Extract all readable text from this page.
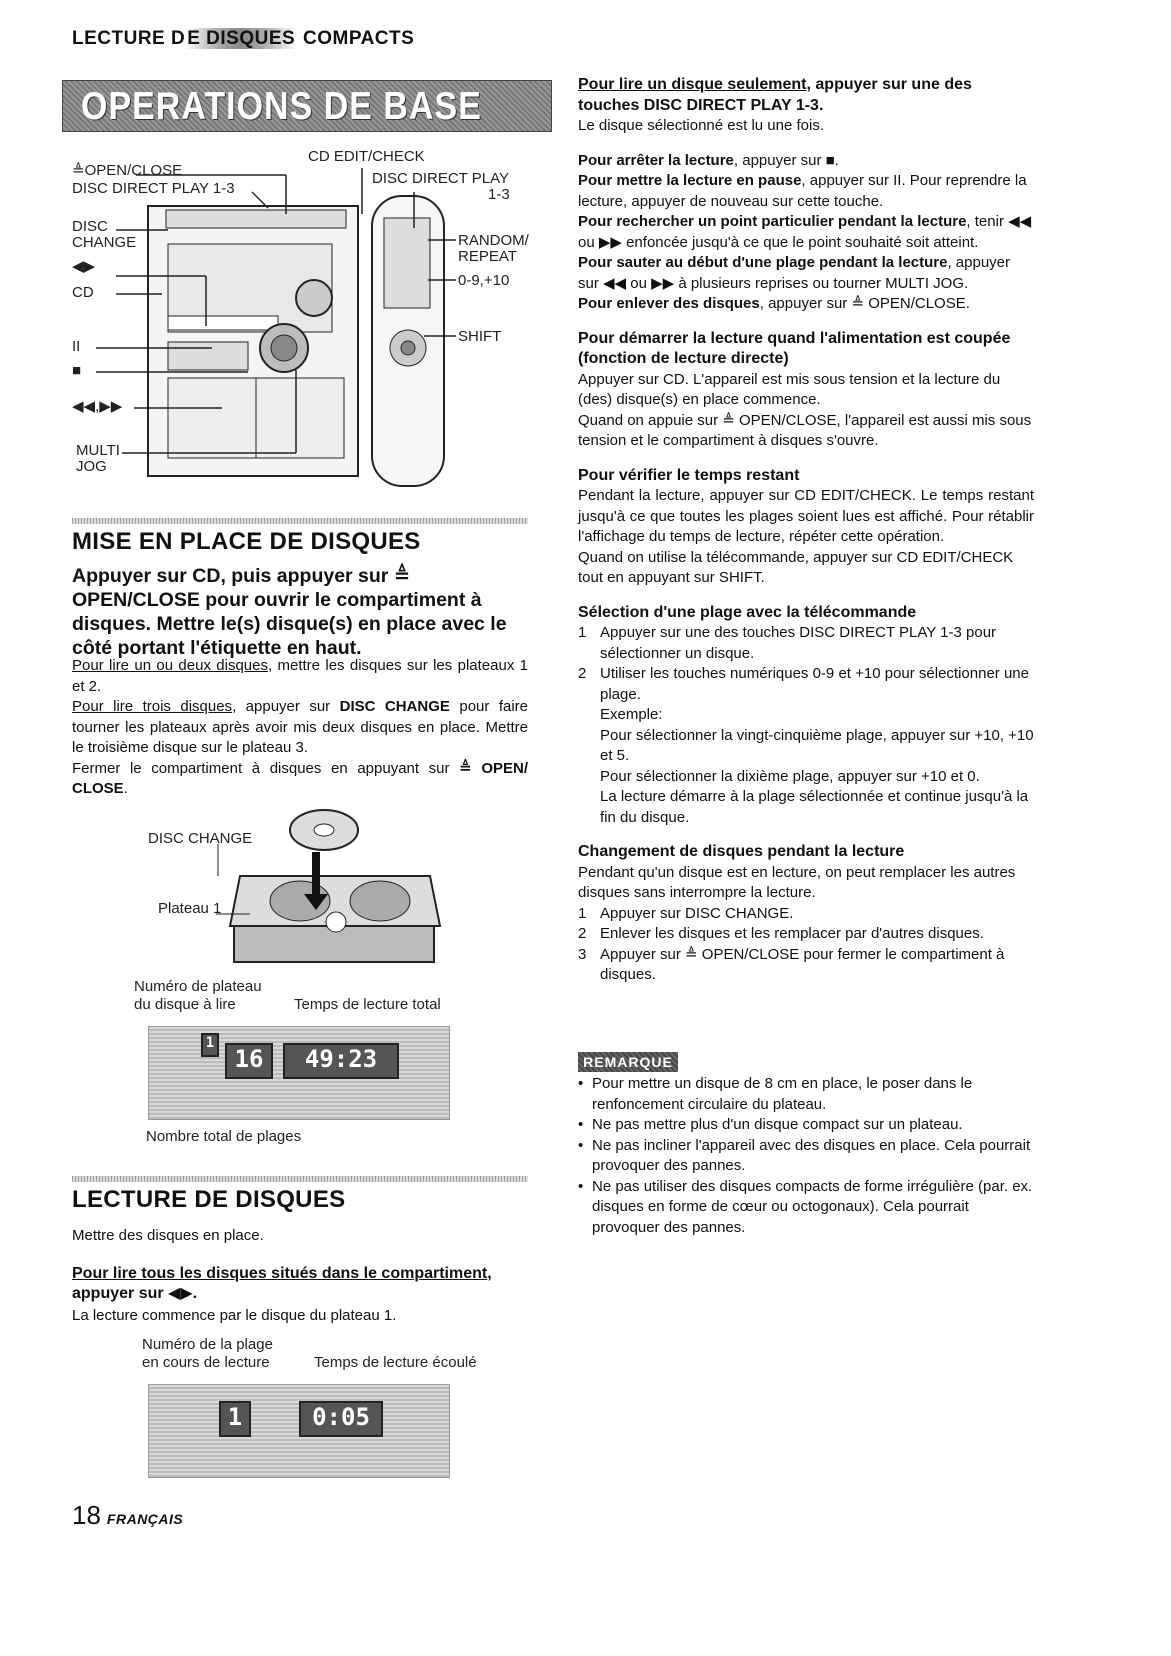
LECTURE D E DISQUES COMPACTS
OPERATIONS DE BASE
≜OPEN/CLOSE
DISC DIRECT PLAY 1-3
DISC
CHANGE
◀▶
CD
II
■
◀◀,▶▶
MULTI
JOG
CD EDIT/CHECK
DISC DIRECT PLAY
1-3
RANDOM/
REPEAT
0-9,+10
SHIFT
MISE EN PLACE DE DISQUES
Appuyer sur CD, puis appuyer sur ≜ OPEN/CLOSE pour ouvrir le compartiment à disques. Mettre le(s) disque(s) en place avec le côté portant l'étiquette en haut.
Pour lire un ou deux disques, mettre les disques sur les plateaux 1 et 2.
Pour lire trois disques, appuyer sur DISC CHANGE pour faire tourner les plateaux après avoir mis deux disques en place. Mettre le troisième disque sur le plateau 3.
Fermer le compartiment à disques en appuyant sur ≜ OPEN/ CLOSE.
DISC CHANGE
Plateau 1
Numéro de plateau
du disque à lire	Temps de lecture total
1
16	49:23
Nombre total de plages
LECTURE DE DISQUES
Mettre des disques en place.
Pour lire tous les disques situés dans le compartiment, appuyer sur ◀▶.
La lecture commence par le disque du plateau 1.
Numéro de la plage
en cours de lecture	Temps de lecture écoulé
1	0:05
Pour lire un disque seulement, appuyer sur une des touches DISC DIRECT PLAY 1-3.
Le disque sélectionné est lu une fois.
Pour arrêter la lecture, appuyer sur ■.
Pour mettre la lecture en pause, appuyer sur II. Pour reprendre la lecture, appuyer de nouveau sur cette touche.
Pour rechercher un point particulier pendant la lecture, tenir ◀◀ ou ▶▶ enfoncée jusqu'à ce que le point souhaité soit atteint.
Pour sauter au début d'une plage pendant la lecture, appuyer sur ◀◀ ou ▶▶ à plusieurs reprises ou tourner MULTI JOG.
Pour enlever des disques, appuyer sur ≜ OPEN/CLOSE.
Pour démarrer la lecture quand l'alimentation est coupée (fonction de lecture directe)
Appuyer sur CD. L'appareil est mis sous tension et la lecture du (des) disque(s) en place commence.
Quand on appuie sur ≜ OPEN/CLOSE, l'appareil est aussi mis sous tension et le compartiment à disques s'ouvre.
Pour vérifier le temps restant
Pendant la lecture, appuyer sur CD EDIT/CHECK. Le temps restant jusqu'à ce que toutes les plages soient lues est affiché. Pour rétablir l'affichage du temps de lecture, répéter cette opération.
Quand on utilise la télécommande, appuyer sur CD EDIT/CHECK tout en appuyant sur SHIFT.
Sélection d'une plage avec la télécommande
1 Appuyer sur une des touches DISC DIRECT PLAY 1-3 pour sélectionner un disque.
2 Utiliser les touches numériques 0-9 et +10 pour sélectionner une plage.
Exemple:
Pour sélectionner la vingt-cinquième plage, appuyer sur +10, +10 et 5.
Pour sélectionner la dixième plage, appuyer sur +10 et 0.
La lecture démarre à la plage sélectionnée et continue jusqu'à la fin du disque.
Changement de disques pendant la lecture
Pendant qu'un disque est en lecture, on peut remplacer les autres disques sans interrompre la lecture.
1 Appuyer sur DISC CHANGE.
2 Enlever les disques et les remplacer par d'autres disques.
3 Appuyer sur ≜ OPEN/CLOSE pour fermer le compartiment à disques.
REMARQUE
• Pour mettre un disque de 8 cm en place, le poser dans le renfoncement circulaire du plateau.
• Ne pas mettre plus d'un disque compact sur un plateau.
• Ne pas incliner l'appareil avec des disques en place. Cela pourrait provoquer des pannes.
• Ne pas utiliser des disques compacts de forme irrégulière (par. ex. disques en forme de cœur ou octogonaux). Cela pourrait provoquer des pannes.
18 FRANÇAIS
